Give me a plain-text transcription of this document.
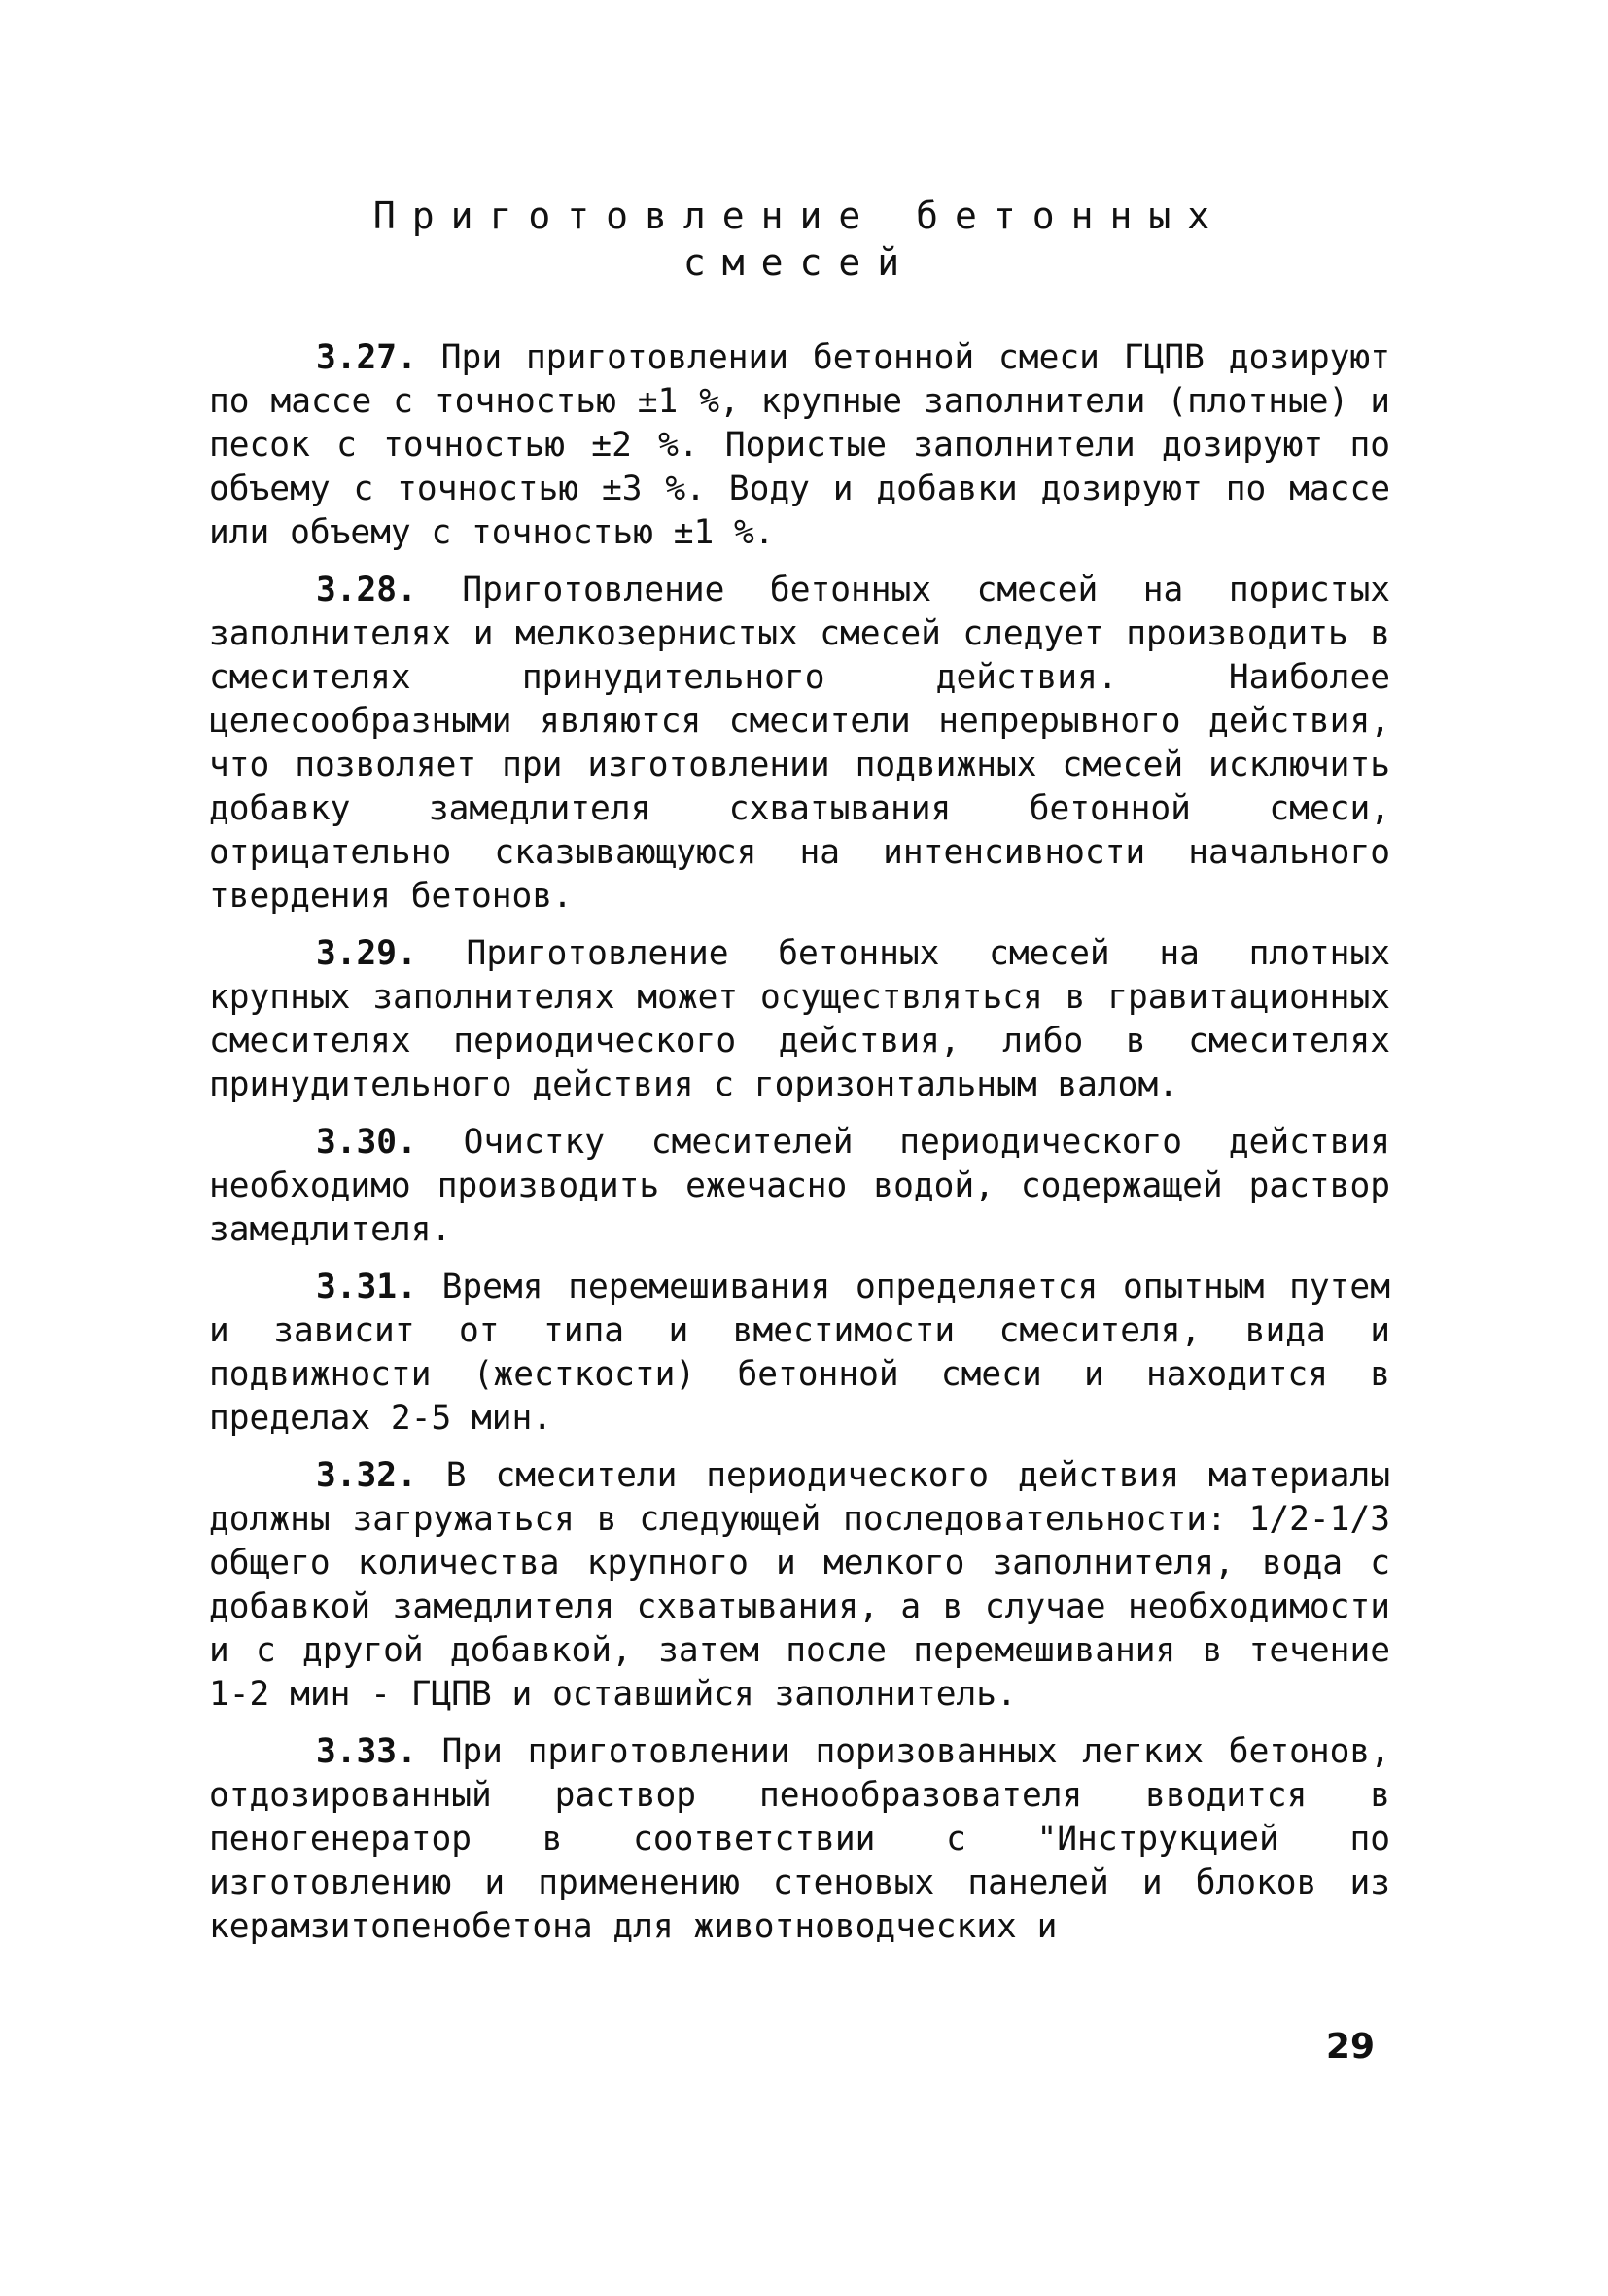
Приготовление бетонных
смесей

3.27. При приготовлении бетонной смеси ГЦПВ дозируют по массе с точностью ±1 %, крупные заполнители (плотные) и песок с точностью ±2 %. Пористые заполнители дозируют по объему с точностью ±3 %. Воду и добавки дозируют по массе или объему с точностью ±1 %.

3.28. Приготовление бетонных смесей на пористых заполнителях и мелкозернистых смесей следует производить в смесителях принудительного действия. Наиболее целесообразными являются смесители непрерывного действия, что позволяет при изготовлении подвижных смесей исключить добавку замедлителя схватывания бетонной смеси, отрицательно сказывающуюся на интенсивности начального твердения бетонов.

3.29. Приготовление бетонных смесей на плотных крупных заполнителях может осуществляться в гравитационных смесителях периодического действия, либо в смесителях принудительного действия с горизонтальным валом.

3.30. Очистку смесителей периодического действия необходимо производить ежечасно водой, содержащей раствор замедлителя.

3.31. Время перемешивания определяется опытным путем и зависит от типа и вместимости смесителя, вида и подвижности (жесткости) бетонной смеси и находится в пределах 2-5 мин.

3.32. В смесители периодического действия материалы должны загружаться в следующей последовательности: 1/2-1/3 общего количества крупного и мелкого заполнителя, вода с добавкой замедлителя схватывания, а в случае необходимости и с другой добавкой, затем после перемешивания в течение 1-2 мин - ГЦПВ и оставшийся заполнитель.

3.33. При приготовлении поризованных легких бетонов, отдозированный раствор пенообразователя вводится в пеногенератор в соответствии с "Инструкцией по изготовлению и применению стеновых панелей и блоков из керамзитопенобетона для животноводческих и

29
